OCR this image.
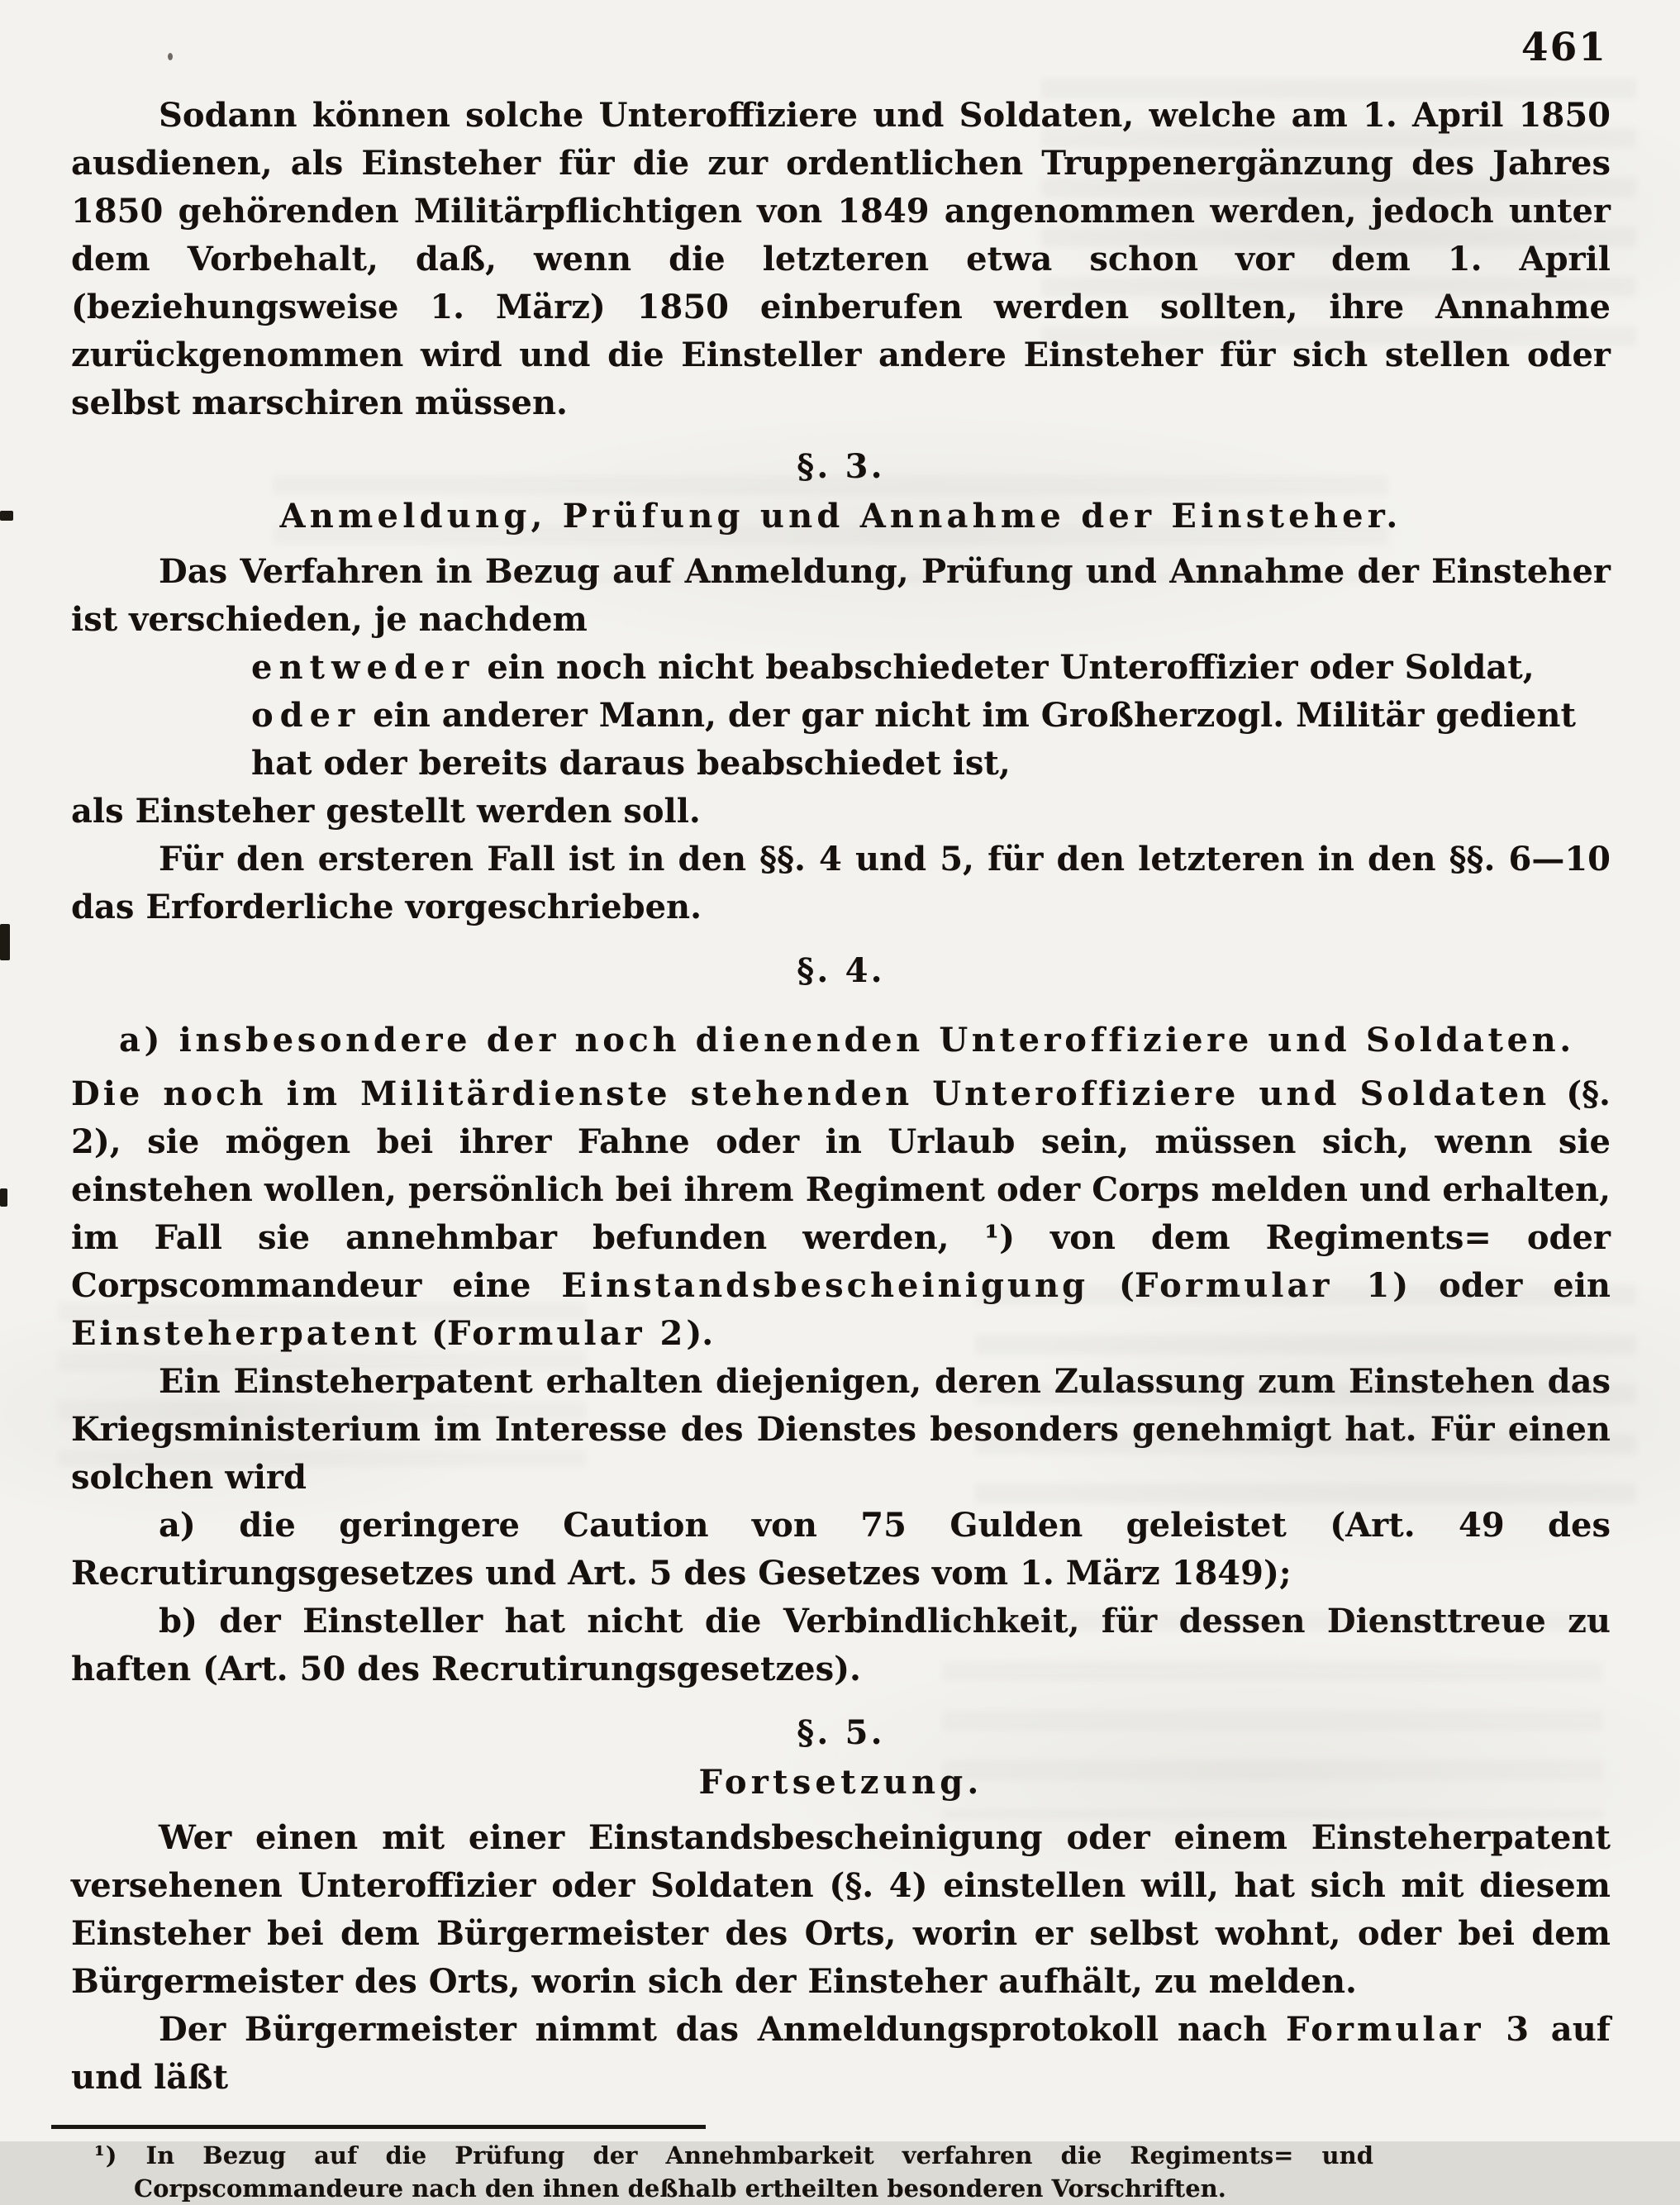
461

Sodann können solche Unteroffiziere und Soldaten, welche am 1. April 1850 ausdienen, als Einsteher für die zur ordentlichen Truppenergänzung des Jahres 1850 gehörenden Militärpflichtigen von 1849 angenommen werden, jedoch unter dem Vorbehalt, daß, wenn die letzteren etwa schon vor dem 1. April (beziehungsweise 1. März) 1850 einberufen werden sollten, ihre Annahme zurückgenommen wird und die Einsteller andere Einsteher für sich stellen oder selbst marschiren müssen.

§. 3.
Anmeldung, Prüfung und Annahme der Einsteher.

Das Verfahren in Bezug auf Anmeldung, Prüfung und Annahme der Einsteher ist verschieden, je nachdem

entweder ein noch nicht beabschiedeter Unteroffizier oder Soldat,

oder ein anderer Mann, der gar nicht im Großherzogl. Militär gedient hat oder bereits daraus beabschiedet ist,

als Einsteher gestellt werden soll.

Für den ersteren Fall ist in den §§. 4 und 5, für den letzteren in den §§. 6—10 das Erforderliche vorgeschrieben.

§. 4.
a) insbesondere der noch dienenden Unteroffiziere und Soldaten.

Die noch im Militärdienste stehenden Unteroffiziere und Soldaten (§. 2), sie mögen bei ihrer Fahne oder in Urlaub sein, müssen sich, wenn sie einstehen wollen, persönlich bei ihrem Regiment oder Corps melden und erhalten, im Fall sie annehmbar befunden werden, ¹) von dem Regiments= oder Corpscommandeur eine Einstandsbescheinigung (Formular 1) oder ein Einsteherpatent (Formular 2).

Ein Einsteherpatent erhalten diejenigen, deren Zulassung zum Einstehen das Kriegsministerium im Interesse des Dienstes besonders genehmigt hat. Für einen solchen wird

a) die geringere Caution von 75 Gulden geleistet (Art. 49 des Recrutirungsgesetzes und Art. 5 des Gesetzes vom 1. März 1849);

b) der Einsteller hat nicht die Verbindlichkeit, für dessen Diensttreue zu haften (Art. 50 des Recrutirungsgesetzes).

§. 5.
Fortsetzung.

Wer einen mit einer Einstandsbescheinigung oder einem Einsteherpatent versehenen Unteroffizier oder Soldaten (§. 4) einstellen will, hat sich mit diesem Einsteher bei dem Bürgermeister des Orts, worin er selbst wohnt, oder bei dem Bürgermeister des Orts, worin sich der Einsteher aufhält, zu melden.

Der Bürgermeister nimmt das Anmeldungsprotokoll nach Formular 3 auf und läßt

¹) In Bezug auf die Prüfung der Annehmbarkeit verfahren die Regiments= und Corpscommandeure nach den ihnen deßhalb ertheilten besonderen Vorschriften.
